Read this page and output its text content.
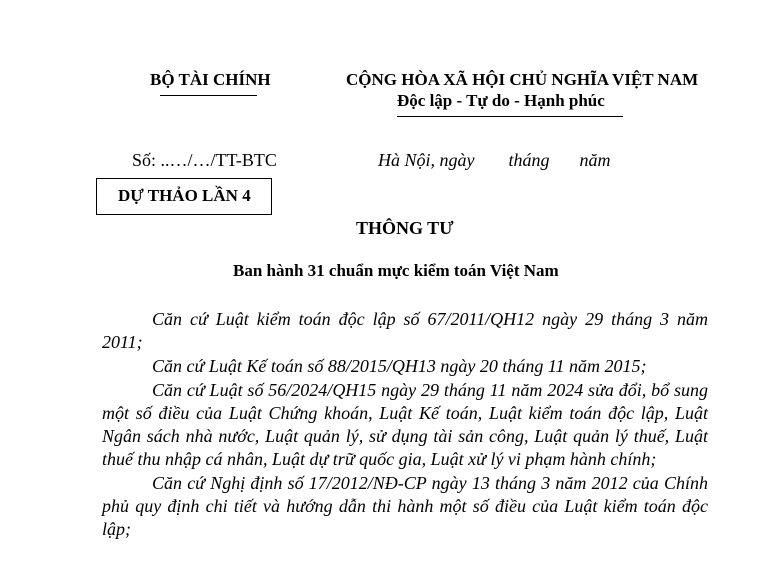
BỘ TÀI CHÍNH	CỘNG HÒA XÃ HỘI CHỦ NGHĨA VIỆT NAM
Độc lập - Tự do - Hạnh phúc
Số: ..…/…/TT-BTC	Hà Nội, ngày tháng năm
DỰ THẢO LẦN 4
THÔNG TƯ
Ban hành 31 chuẩn mực kiểm toán Việt Nam

Căn cứ Luật kiểm toán độc lập số 67/2011/QH12 ngày 29 tháng 3 năm 2011;

Căn cứ Luật Kế toán số 88/2015/QH13 ngày 20 tháng 11 năm 2015;

Căn cứ Luật số 56/2024/QH15 ngày 29 tháng 11 năm 2024 sửa đổi, bổ sung một số điều của Luật Chứng khoán, Luật Kế toán, Luật kiểm toán độc lập, Luật Ngân sách nhà nước, Luật quản lý, sử dụng tài sản công, Luật quản lý thuế, Luật thuế thu nhập cá nhân, Luật dự trữ quốc gia, Luật xử lý vi phạm hành chính;

Căn cứ Nghị định số 17/2012/NĐ-CP ngày 13 tháng 3 năm 2012 của Chính phủ quy định chi tiết và hướng dẫn thi hành một số điều của Luật kiểm toán độc lập;
